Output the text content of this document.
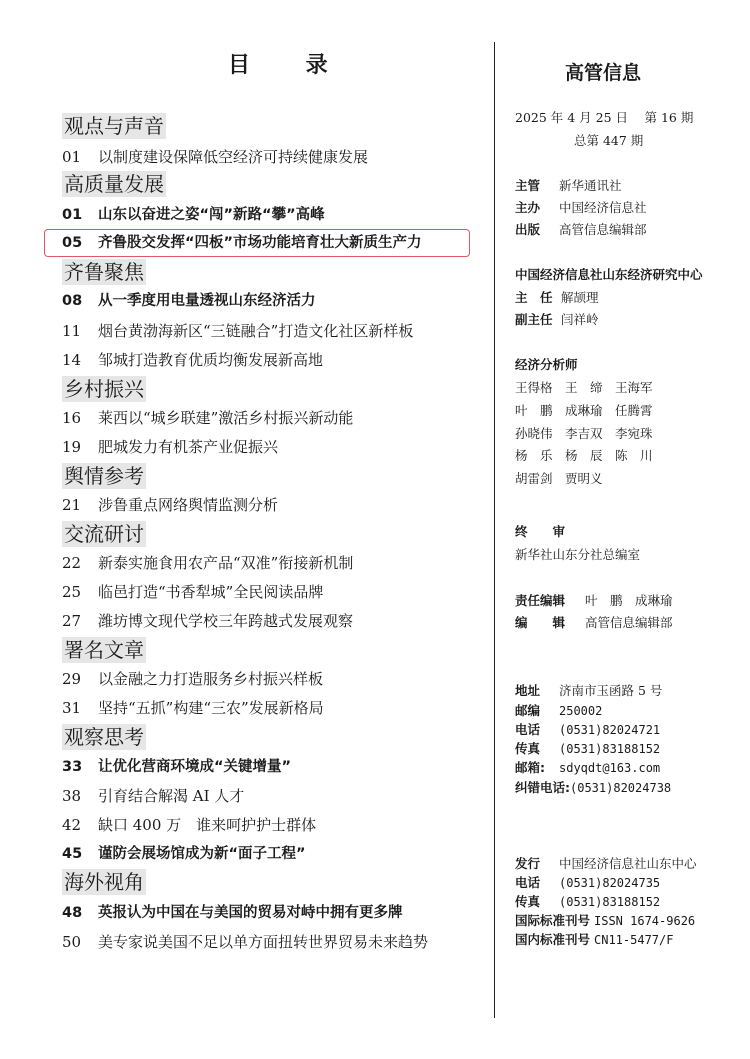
目 录
观点与声音
01 以制度建设保障低空经济可持续健康发展
高质量发展
01 山东以奋进之姿“闯”新路“攀”高峰
05 齐鲁股交发挥“四板”市场功能培育壮大新质生产力
齐鲁聚焦
08 从一季度用电量透视山东经济活力
11 烟台黄渤海新区“三链融合”打造文化社区新样板
14 邹城打造教育优质均衡发展新高地
乡村振兴
16 莱西以“城乡联建”激活乡村振兴新动能
19 肥城发力有机茶产业促振兴
舆情参考
21 涉鲁重点网络舆情监测分析
交流研讨
22 新泰实施食用农产品“双准”衔接新机制
25 临邑打造“书香犁城”全民阅读品牌
27 潍坊博文现代学校三年跨越式发展观察
署名文章
29 以金融之力打造服务乡村振兴样板
31 坚持“五抓”构建“三农”发展新格局
观察思考
33 让优化营商环境成“关键增量”
38 引育结合解渴 AI 人才
42 缺口 400 万　谁来呵护护士群体
45 谨防会展场馆成为新“面子工程”
海外视角
48 英报认为中国在与美国的贸易对峙中拥有更多牌
50 美专家说美国不足以单方面扭转世界贸易未来趋势
高管信息
2025 年 4 月 25 日　 第 16 期
总第 447 期
主管 新华通讯社
主办 中国经济信息社
出版 高管信息编辑部
中国经济信息社山东经济研究中心
主　任 解颉理
副主任 闫祥岭
经济分析师
王得格　王　缔　王海军
叶　鹏　成琳瑜　任腾霄
孙晓伟　李吉双　李宛珠
杨　乐　杨　辰　陈　川
胡雷剑　贾明义
终　　审
新华社山东分社总编室
责任编辑 叶　鹏　成琳瑜
编　　辑 高管信息编辑部
地址 济南市玉函路 5 号
邮编 250002
电话 (0531)82024721
传真 (0531)83188152
邮箱: sdyqdt@163.com
纠错电话:(0531)82024738
发行 中国经济信息社山东中心
电话 (0531)82024735
传真 (0531)83188152
国际标准刊号 ISSN 1674-9626
国内标准刊号 CN11-5477/F
